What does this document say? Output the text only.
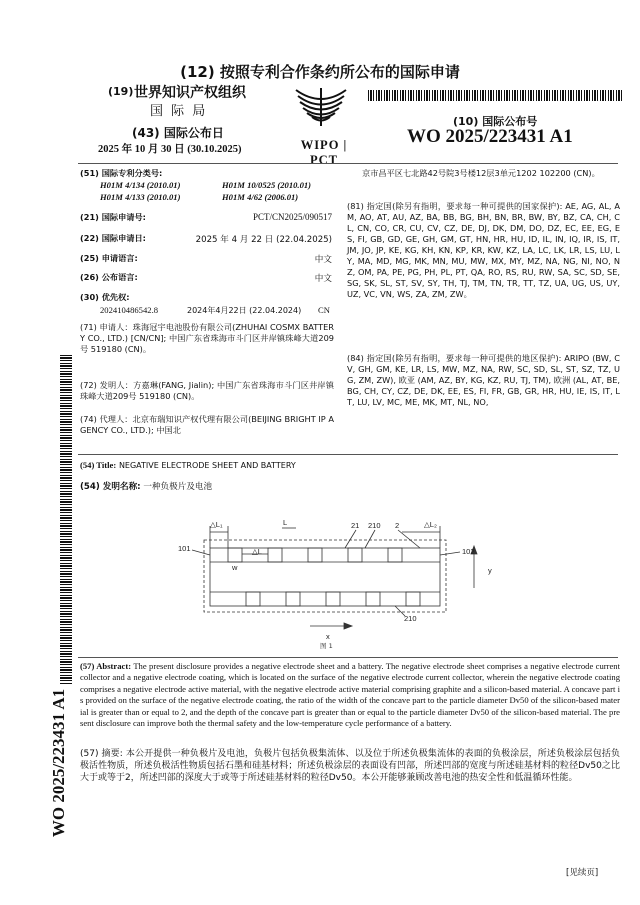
(12) 按照专利合作条约所公布的国际申请
(19) 世界知识产权组织
国 际 局
(43) 国际公布日
2025 年 10 月 30 日 (30.10.2025)	WIPO | PCT
(10) 国际公布号
WO 2025/223431 A1
WO 2025/223431 A1
(51) 国际专利分类号:
H01M 4/134 (2010.01)	H01M 10/0525 (2010.01)
H01M 4/133 (2010.01)	H01M 4/62 (2006.01)
(21) 国际申请号:	PCT/CN2025/090517
(22) 国际申请日:	2025 年 4 月 22 日 (22.04.2025)
(25) 申请语言:	中文
(26) 公布语言:	中文
(30) 优先权:
202410486542.8	2024年4月22日 (22.04.2024) CN
(71) 申请人：珠海冠宇电池股份有限公司(ZHUHAI COSMX BATTERY CO., LTD.) [CN/CN]; 中国广东省珠海市斗门区井岸镇珠峰大道209号 519180 (CN)。
(72) 发明人：方嘉琳(FANG, Jialin); 中国广东省珠海市斗门区井岸镇珠峰大道209号 519180 (CN)。
(74) 代理人：北京布瑞知识产权代理有限公司(BEIJING BRIGHT IP AGENCY CO., LTD.); 中国北
京市昌平区七北路42号院3号楼12层3单元1202 102200 (CN)。
(81) 指定国(除另有指明，要求每一种可提供的国家保护): AE, AG, AL, AM, AO, AT, AU, AZ, BA, BB, BG, BH, BN, BR, BW, BY, BZ, CA, CH, CL, CN, CO, CR, CU, CV, CZ, DE, DJ, DK, DM, DO, DZ, EC, EE, EG, ES, FI, GB, GD, GE, GH, GM, GT, HN, HR, HU, ID, IL, IN, IQ, IR, IS, IT, JM, JO, JP, KE, KG, KH, KN, KP, KR, KW, KZ, LA, LC, LK, LR, LS, LU, LY, MA, MD, MG, MK, MN, MU, MW, MX, MY, MZ, NA, NG, NI, NO, NZ, OM, PA, PE, PG, PH, PL, PT, QA, RO, RS, RU, RW, SA, SC, SD, SE, SG, SK, SL, ST, SV, SY, TH, TJ, TM, TN, TR, TT, TZ, UA, UG, US, UY, UZ, VC, VN, WS, ZA, ZM, ZW。
(84) 指定国(除另有指明，要求每一种可提供的地区保护): ARIPO (BW, CV, GH, GM, KE, LR, LS, MW, MZ, NA, RW, SC, SD, SL, ST, SZ, TZ, UG, ZM, ZW), 欧亚 (AM, AZ, BY, KG, KZ, RU, TJ, TM), 欧洲 (AL, AT, BE, BG, CH, CY, CZ, DE, DK, EE, ES, FI, FR, GB, GR, HR, HU, IE, IS, IT, LT, LU, LV, MC, ME, MK, MT, NL, NO,
(54) Title: NEGATIVE ELECTRODE SHEET AND BATTERY
(54) 发明名称: 一种负极片及电池
△L₁	L	21 210 2	△L₂
101	△L	102
w	y
x
210
图 1
(57) Abstract: The present disclosure provides a negative electrode sheet and a battery. The negative electrode sheet comprises a negative electrode current collector and a negative electrode coating, which is located on the surface of the negative electrode current collector, wherein the negative electrode coating comprises a negative electrode active material, with the negative electrode active material comprising graphite and a silicon-based material. A concave part is provided on the surface of the negative electrode coating, the ratio of the width of the concave part to the particle diameter Dv50 of the silicon-based material is greater than or equal to 2, and the depth of the concave part is greater than or equal to the particle diameter Dv50 of the silicon-based material. The present disclosure can improve both the thermal safety and the low-temperature cycle performance of a battery.
(57) 摘要: 本公开提供一种负极片及电池，负极片包括负极集流体、以及位于所述负极集流体的表面的负极涂层，所述负极涂层包括负极活性物质，所述负极活性物质包括石墨和硅基材料；所述负极涂层的表面设有凹部，所述凹部的宽度与所述硅基材料的粒径Dv50之比大于或等于2，所述凹部的深度大于或等于所述硅基材料的粒径Dv50。本公开能够兼顾改善电池的热安全性和低温循环性能。
[见续页]
